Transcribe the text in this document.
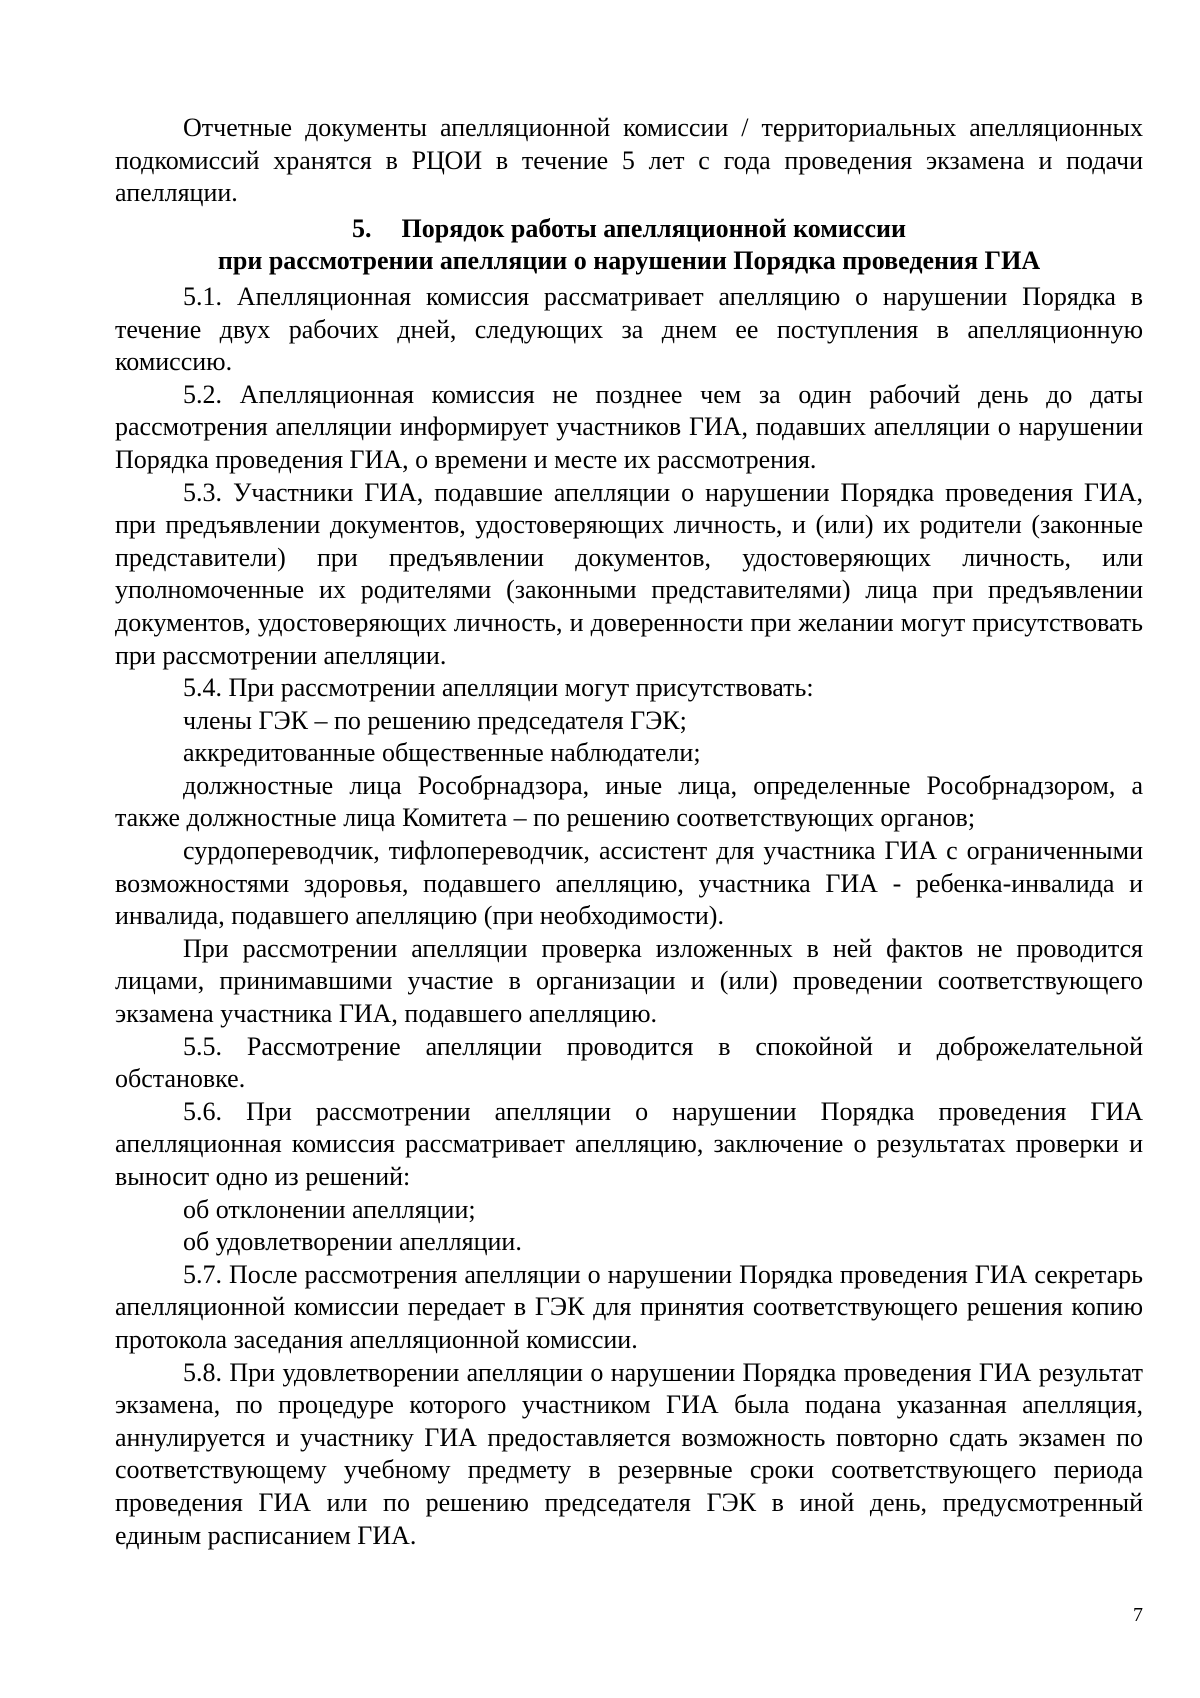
Отчетные документы апелляционной комиссии / территориальных апелляционных подкомиссий хранятся в РЦОИ в течение 5 лет с года проведения экзамена и подачи апелляции.

5. Порядок работы апелляционной комиссии
при рассмотрении апелляции о нарушении Порядка проведения ГИА

5.1. Апелляционная комиссия рассматривает апелляцию о нарушении Порядка в течение двух рабочих дней, следующих за днем ее поступления в апелляционную комиссию.

5.2. Апелляционная комиссия не позднее чем за один рабочий день до даты рассмотрения апелляции информирует участников ГИА, подавших апелляции о нарушении Порядка проведения ГИА, о времени и месте их рассмотрения.

5.3. Участники ГИА, подавшие апелляции о нарушении Порядка проведения ГИА, при предъявлении документов, удостоверяющих личность, и (или) их родители (законные представители) при предъявлении документов, удостоверяющих личность, или уполномоченные их родителями (законными представителями) лица при предъявлении документов, удостоверяющих личность, и доверенности при желании могут присутствовать при рассмотрении апелляции.

5.4. При рассмотрении апелляции могут присутствовать:

члены ГЭК – по решению председателя ГЭК;

аккредитованные общественные наблюдатели;

должностные лица Рособрнадзора, иные лица, определенные Рособрнадзором, а также должностные лица Комитета – по решению соответствующих органов;

сурдопереводчик, тифлопереводчик, ассистент для участника ГИА с ограниченными возможностями здоровья, подавшего апелляцию, участника ГИА - ребенка-инвалида и инвалида, подавшего апелляцию (при необходимости).

При рассмотрении апелляции проверка изложенных в ней фактов не проводится лицами, принимавшими участие в организации и (или) проведении соответствующего экзамена участника ГИА, подавшего апелляцию.

5.5. Рассмотрение апелляции проводится в спокойной и доброжелательной обстановке.

5.6. При рассмотрении апелляции о нарушении Порядка проведения ГИА апелляционная комиссия рассматривает апелляцию, заключение о результатах проверки и выносит одно из решений:

об отклонении апелляции;

об удовлетворении апелляции.

5.7. После рассмотрения апелляции о нарушении Порядка проведения ГИА секретарь апелляционной комиссии передает в ГЭК для принятия соответствующего решения копию протокола заседания апелляционной комиссии.

5.8. При удовлетворении апелляции о нарушении Порядка проведения ГИА результат экзамена, по процедуре которого участником ГИА была подана указанная апелляция, аннулируется и участнику ГИА предоставляется возможность повторно сдать экзамен по соответствующему учебному предмету в резервные сроки соответствующего периода проведения ГИА или по решению председателя ГЭК в иной день, предусмотренный единым расписанием ГИА.

7
